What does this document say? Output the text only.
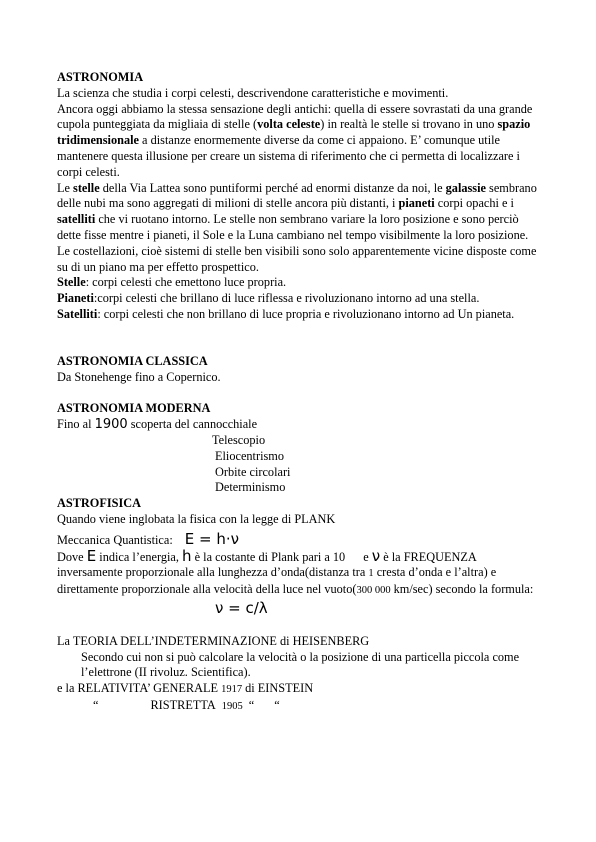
ASTRONOMIA

La scienza che studia i corpi celesti, descrivendone caratteristiche e movimenti.

Ancora oggi abbiamo la stessa sensazione degli antichi: quella di essere sovrastati da una grande cupola punteggiata da migliaia di stelle (volta celeste) in realtà le stelle si trovano in uno spazio tridimensionale a distanze enormemente diverse da come ci appaiono. E’ comunque utile mantenere questa illusione per creare un sistema di riferimento che ci permetta di localizzare i corpi celesti.

Le stelle della Via Lattea sono puntiformi perché ad enormi distanze da noi, le galassie sembrano delle nubi ma sono aggregati di milioni di stelle ancora più distanti, i pianeti corpi opachi e i satelliti che vi ruotano intorno. Le stelle non sembrano variare la loro posizione e sono perciò dette fisse mentre i pianeti, il Sole e la Luna cambiano nel tempo visibilmente la loro posizione.

Le costellazioni, cioè sistemi di stelle ben visibili sono solo apparentemente vicine disposte come su di un piano ma per effetto prospettico.

Stelle: corpi celesti che emettono luce propria.

Pianeti:corpi celesti che brillano di luce riflessa e rivoluzionano intorno ad una stella.

Satelliti: corpi celesti che non brillano di luce propria e rivoluzionano intorno ad Un pianeta.

ASTRONOMIA CLASSICA

Da Stonehenge fino a Copernico.

ASTRONOMIA MODERNA

Fino al 1900 scoperta del cannocchiale

Telescopio
Eliocentrismo
Orbite circolari
Determinismo

ASTROFISICA

Quando viene inglobata la fisica con la legge di PLANK

Meccanica Quantistica: E = h·ν

Dove E indica l’energia, h è la costante di Plank pari a 10 e ν è la FREQUENZA inversamente proporzionale alla lunghezza d’onda(distanza tra 1 cresta d’onda e l’altra) e direttamente proporzionale alla velocità della luce nel vuoto(300 000 km/sec) secondo la formula:

ν = c/λ

La TEORIA DELL’INDETERMINAZIONE di HEISENBERG

Secondo cui non si può calcolare la velocità o la posizione di una particella piccola come l’elettrone (II rivoluz. Scientifica).

e la RELATIVITA’ GENERALE 1917 di EINSTEIN

“	RISTRETTA 1905 “ “
